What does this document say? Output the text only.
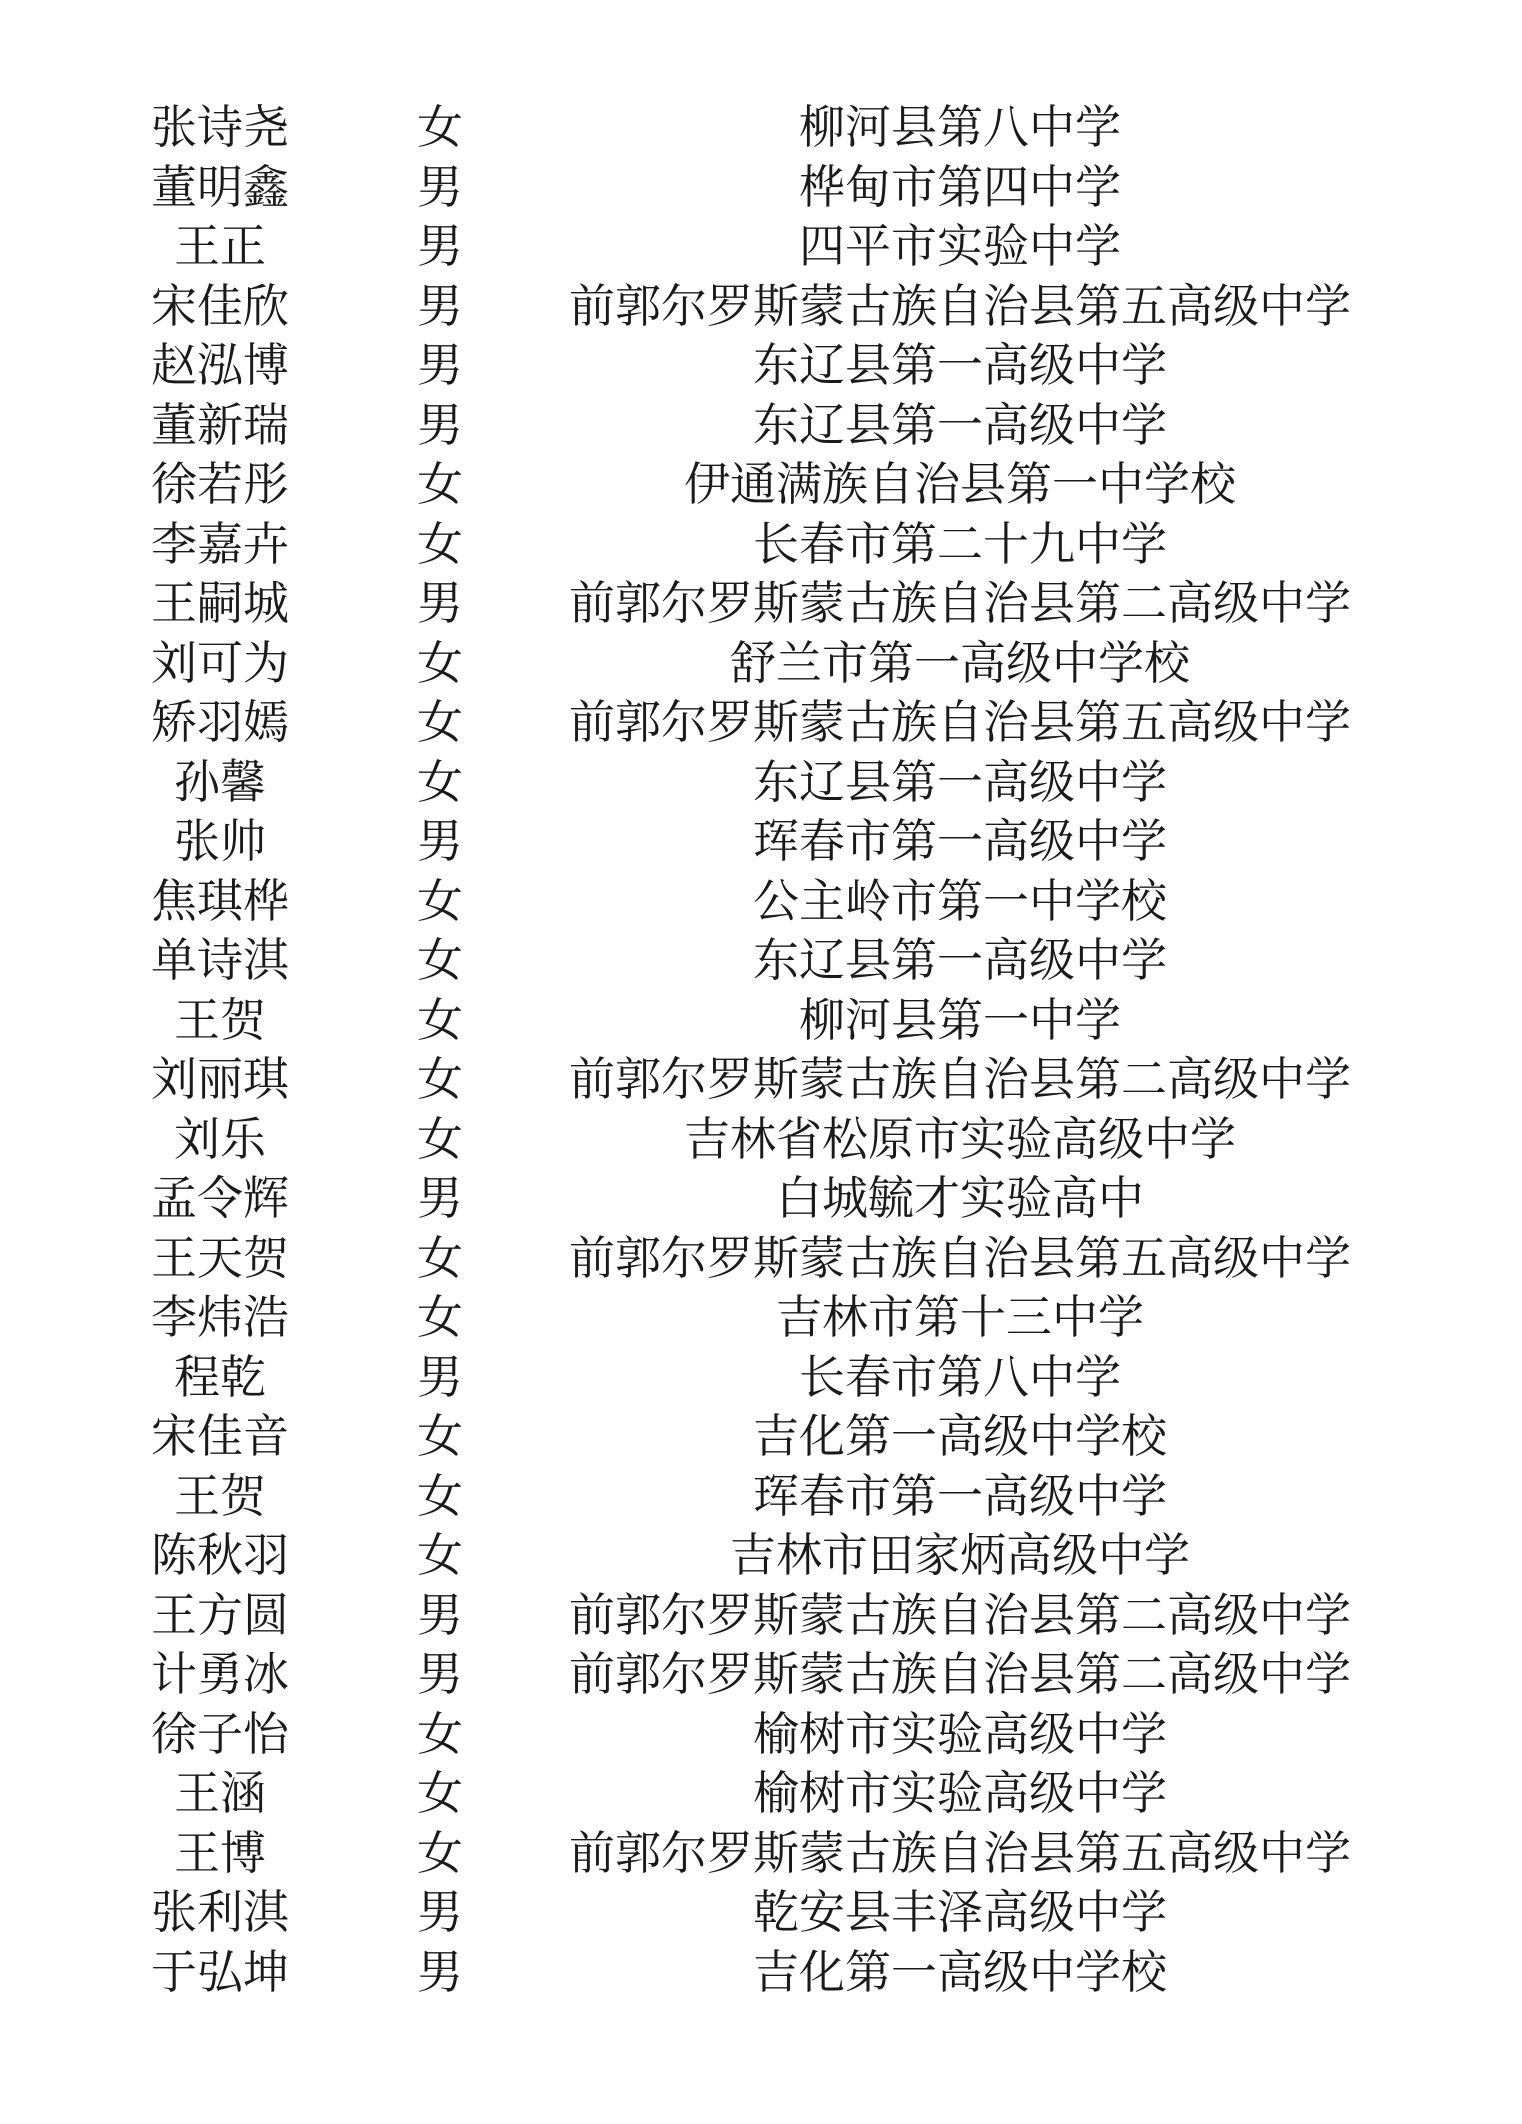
张诗尧	女	柳河县第八中学
董明鑫	男	桦甸市第四中学
王正	男	四平市实验中学
宋佳欣	男	前郭尔罗斯蒙古族自治县第五高级中学
赵泓博	男	东辽县第一高级中学
董新瑞	男	东辽县第一高级中学
徐若彤	女	伊通满族自治县第一中学校
李嘉卉	女	长春市第二十九中学
王嗣城	男	前郭尔罗斯蒙古族自治县第二高级中学
刘可为	女	舒兰市第一高级中学校
矫羽嫣	女	前郭尔罗斯蒙古族自治县第五高级中学
孙馨	女	东辽县第一高级中学
张帅	男	珲春市第一高级中学
焦琪桦	女	公主岭市第一中学校
单诗淇	女	东辽县第一高级中学
王贺	女	柳河县第一中学
刘丽琪	女	前郭尔罗斯蒙古族自治县第二高级中学
刘乐	女	吉林省松原市实验高级中学
孟令辉	男	白城毓才实验高中
王天贺	女	前郭尔罗斯蒙古族自治县第五高级中学
李炜浩	女	吉林市第十三中学
程乾	男	长春市第八中学
宋佳音	女	吉化第一高级中学校
王贺	女	珲春市第一高级中学
陈秋羽	女	吉林市田家炳高级中学
王方圆	男	前郭尔罗斯蒙古族自治县第二高级中学
计勇冰	男	前郭尔罗斯蒙古族自治县第二高级中学
徐子怡	女	榆树市实验高级中学
王涵	女	榆树市实验高级中学
王博	女	前郭尔罗斯蒙古族自治县第五高级中学
张利淇	男	乾安县丰泽高级中学
于弘坤	男	吉化第一高级中学校
